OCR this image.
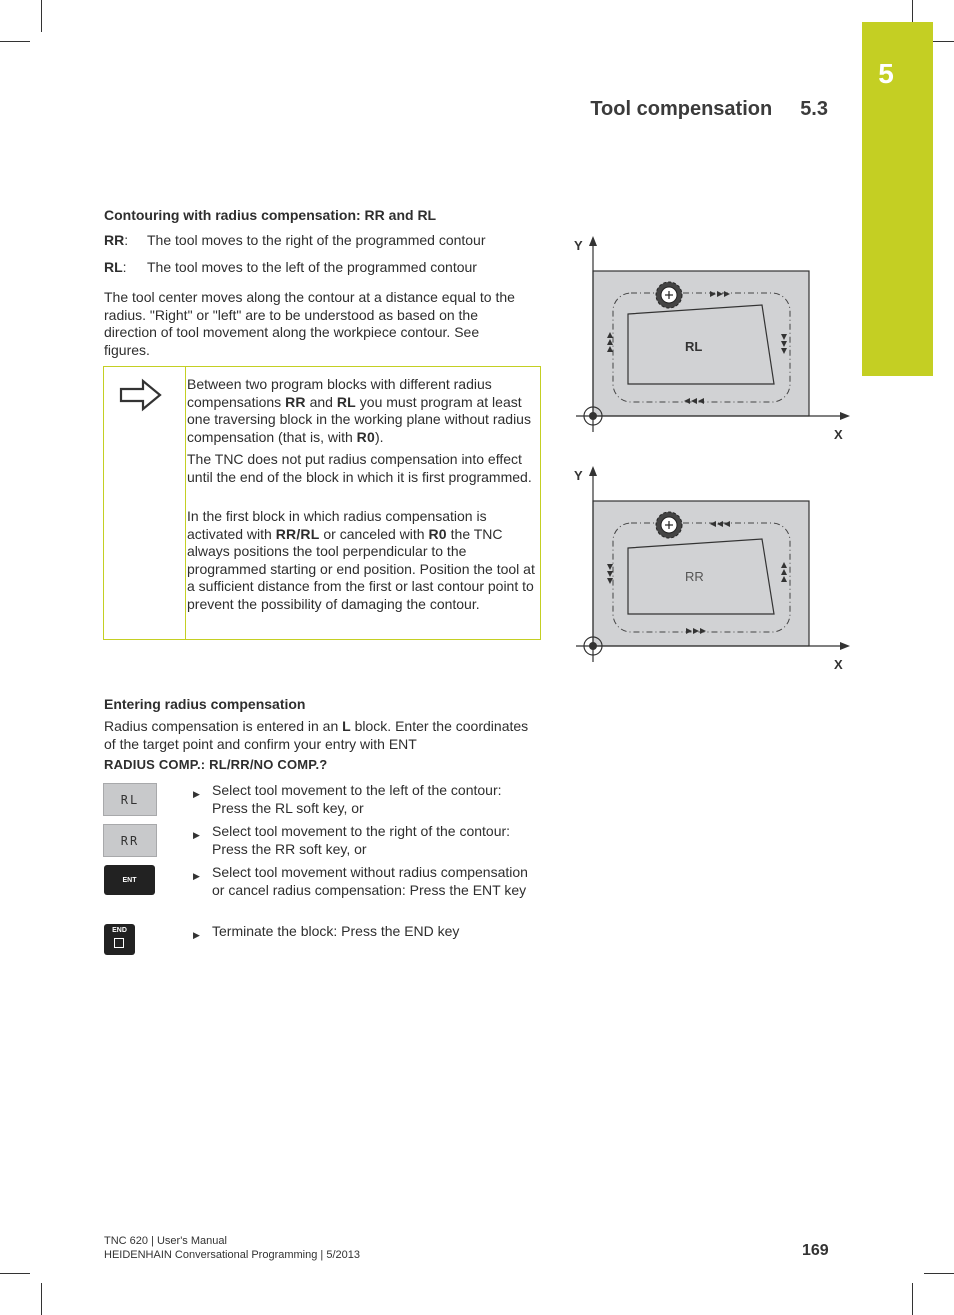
5
Tool compensation 5.3
Contouring with radius compensation: RR and RL
RR: The tool moves to the right of the programmed contour
RL: The tool moves to the left of the programmed contour
The tool center moves along the contour at a distance equal to the radius. "Right" or "left" are to be understood as based on the direction of tool movement along the workpiece contour. See figures.
Between two program blocks with different radius compensations RR and RL you must program at least one traversing block in the working plane without radius compensation (that is, with R0).
The TNC does not put radius compensation into effect until the end of the block in which it is first programmed.
In the first block in which radius compensation is activated with RR/RL or canceled with R0 the TNC always positions the tool perpendicular to the programmed starting or end position. Position the tool at a sufficient distance from the first or last contour point to prevent the possibility of damaging the contour.
Y
X
RL
Y
X
RR
Entering radius compensation
Radius compensation is entered in an L block. Enter the coordinates of the target point and confirm your entry with ENT
RADIUS COMP.: RL/RR/NO COMP.?
RL
RR
ENT
END
▶ Select tool movement to the left of the contour: Press the RL soft key, or
▶ Select tool movement to the right of the contour: Press the RR soft key, or
▶ Select tool movement without radius compensation or cancel radius compensation: Press the ENT key
▶ Terminate the block: Press the END key
TNC 620 | User's Manual
HEIDENHAIN Conversational Programming | 5/2013	169
